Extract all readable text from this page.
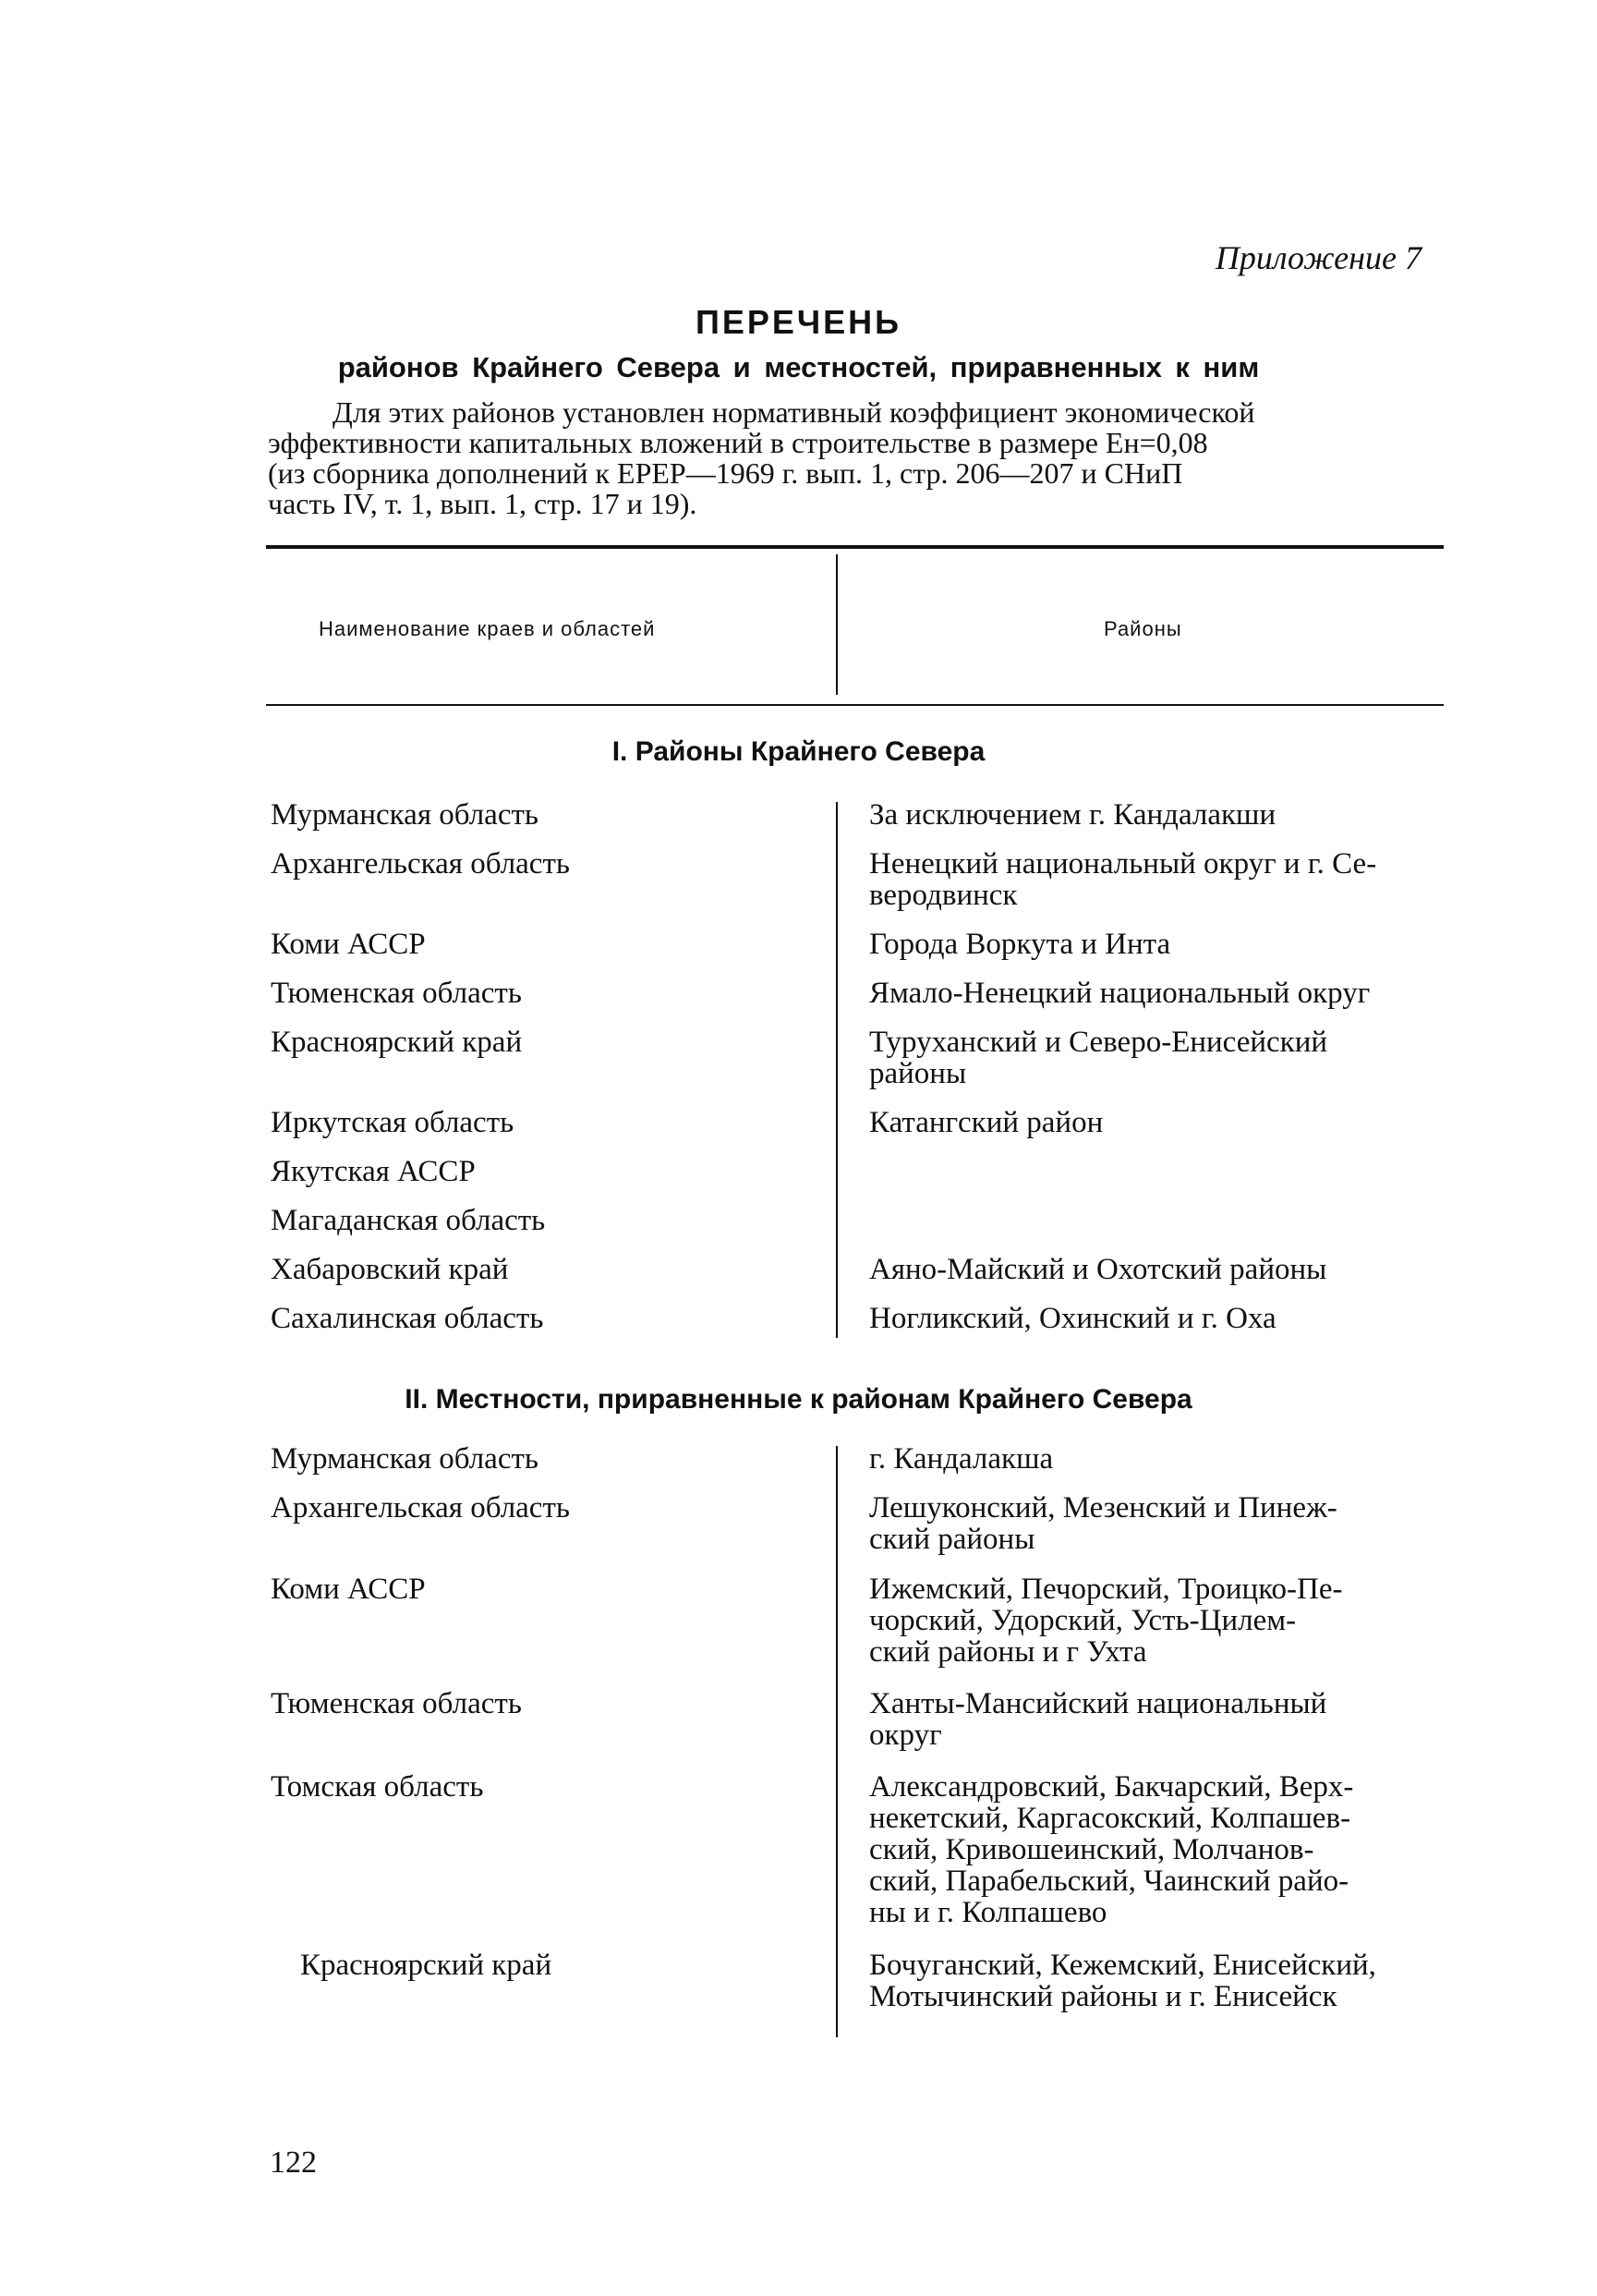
Приложение 7
ПЕРЕЧЕНЬ
районов Крайнего Севера и местностей, приравненных к ним
Для этих районов установлен нормативный коэффициент экономической
эффективности капитальных вложений в строительстве в размере Eн=0,08
(из сборника дополнений к ЕРЕР—1969 г. вып. 1, стр. 206—207 и СНиП
часть IV, т. 1, вып. 1, стр. 17 и 19).
Наименование краев и областей	Районы
I. Районы Крайнего Севера
Мурманская область	За исключением г. Кандалакши
Архангельская область	Ненецкий национальный округ и г. Се-
веродвинск
Коми АССР	Города Воркута и Инта
Тюменская область	Ямало-Ненецкий национальный округ
Красноярский край	Туруханский и Северо-Енисейский
районы
Иркутская область	Катангский район
Якутская АССР
Магаданская область
Хабаровский край	Аяно-Майский и Охотский районы
Сахалинская область	Ногликский, Охинский и г. Оха
II. Местности, приравненные к районам Крайнего Севера
Мурманская область	г. Кандалакша
Архангельская область	Лешуконский, Мезенский и Пинеж-
ский районы
Коми АССР	Ижемский, Печорский, Троицко-Пе-
чорский, Удорский, Усть-Цилем-
ский районы и г Ухта
Тюменская область	Ханты-Мансийский национальный
округ
Томская область	Александровский, Бакчарский, Верх-
некетский, Каргасокский, Колпашев-
ский, Кривошеинский, Молчанов-
ский, Парабельский, Чаинский райо-
ны и г. Колпашево
Красноярский край	Бочуганский, Кежемский, Енисейский,
Мотычинский районы и г. Енисейск
122
